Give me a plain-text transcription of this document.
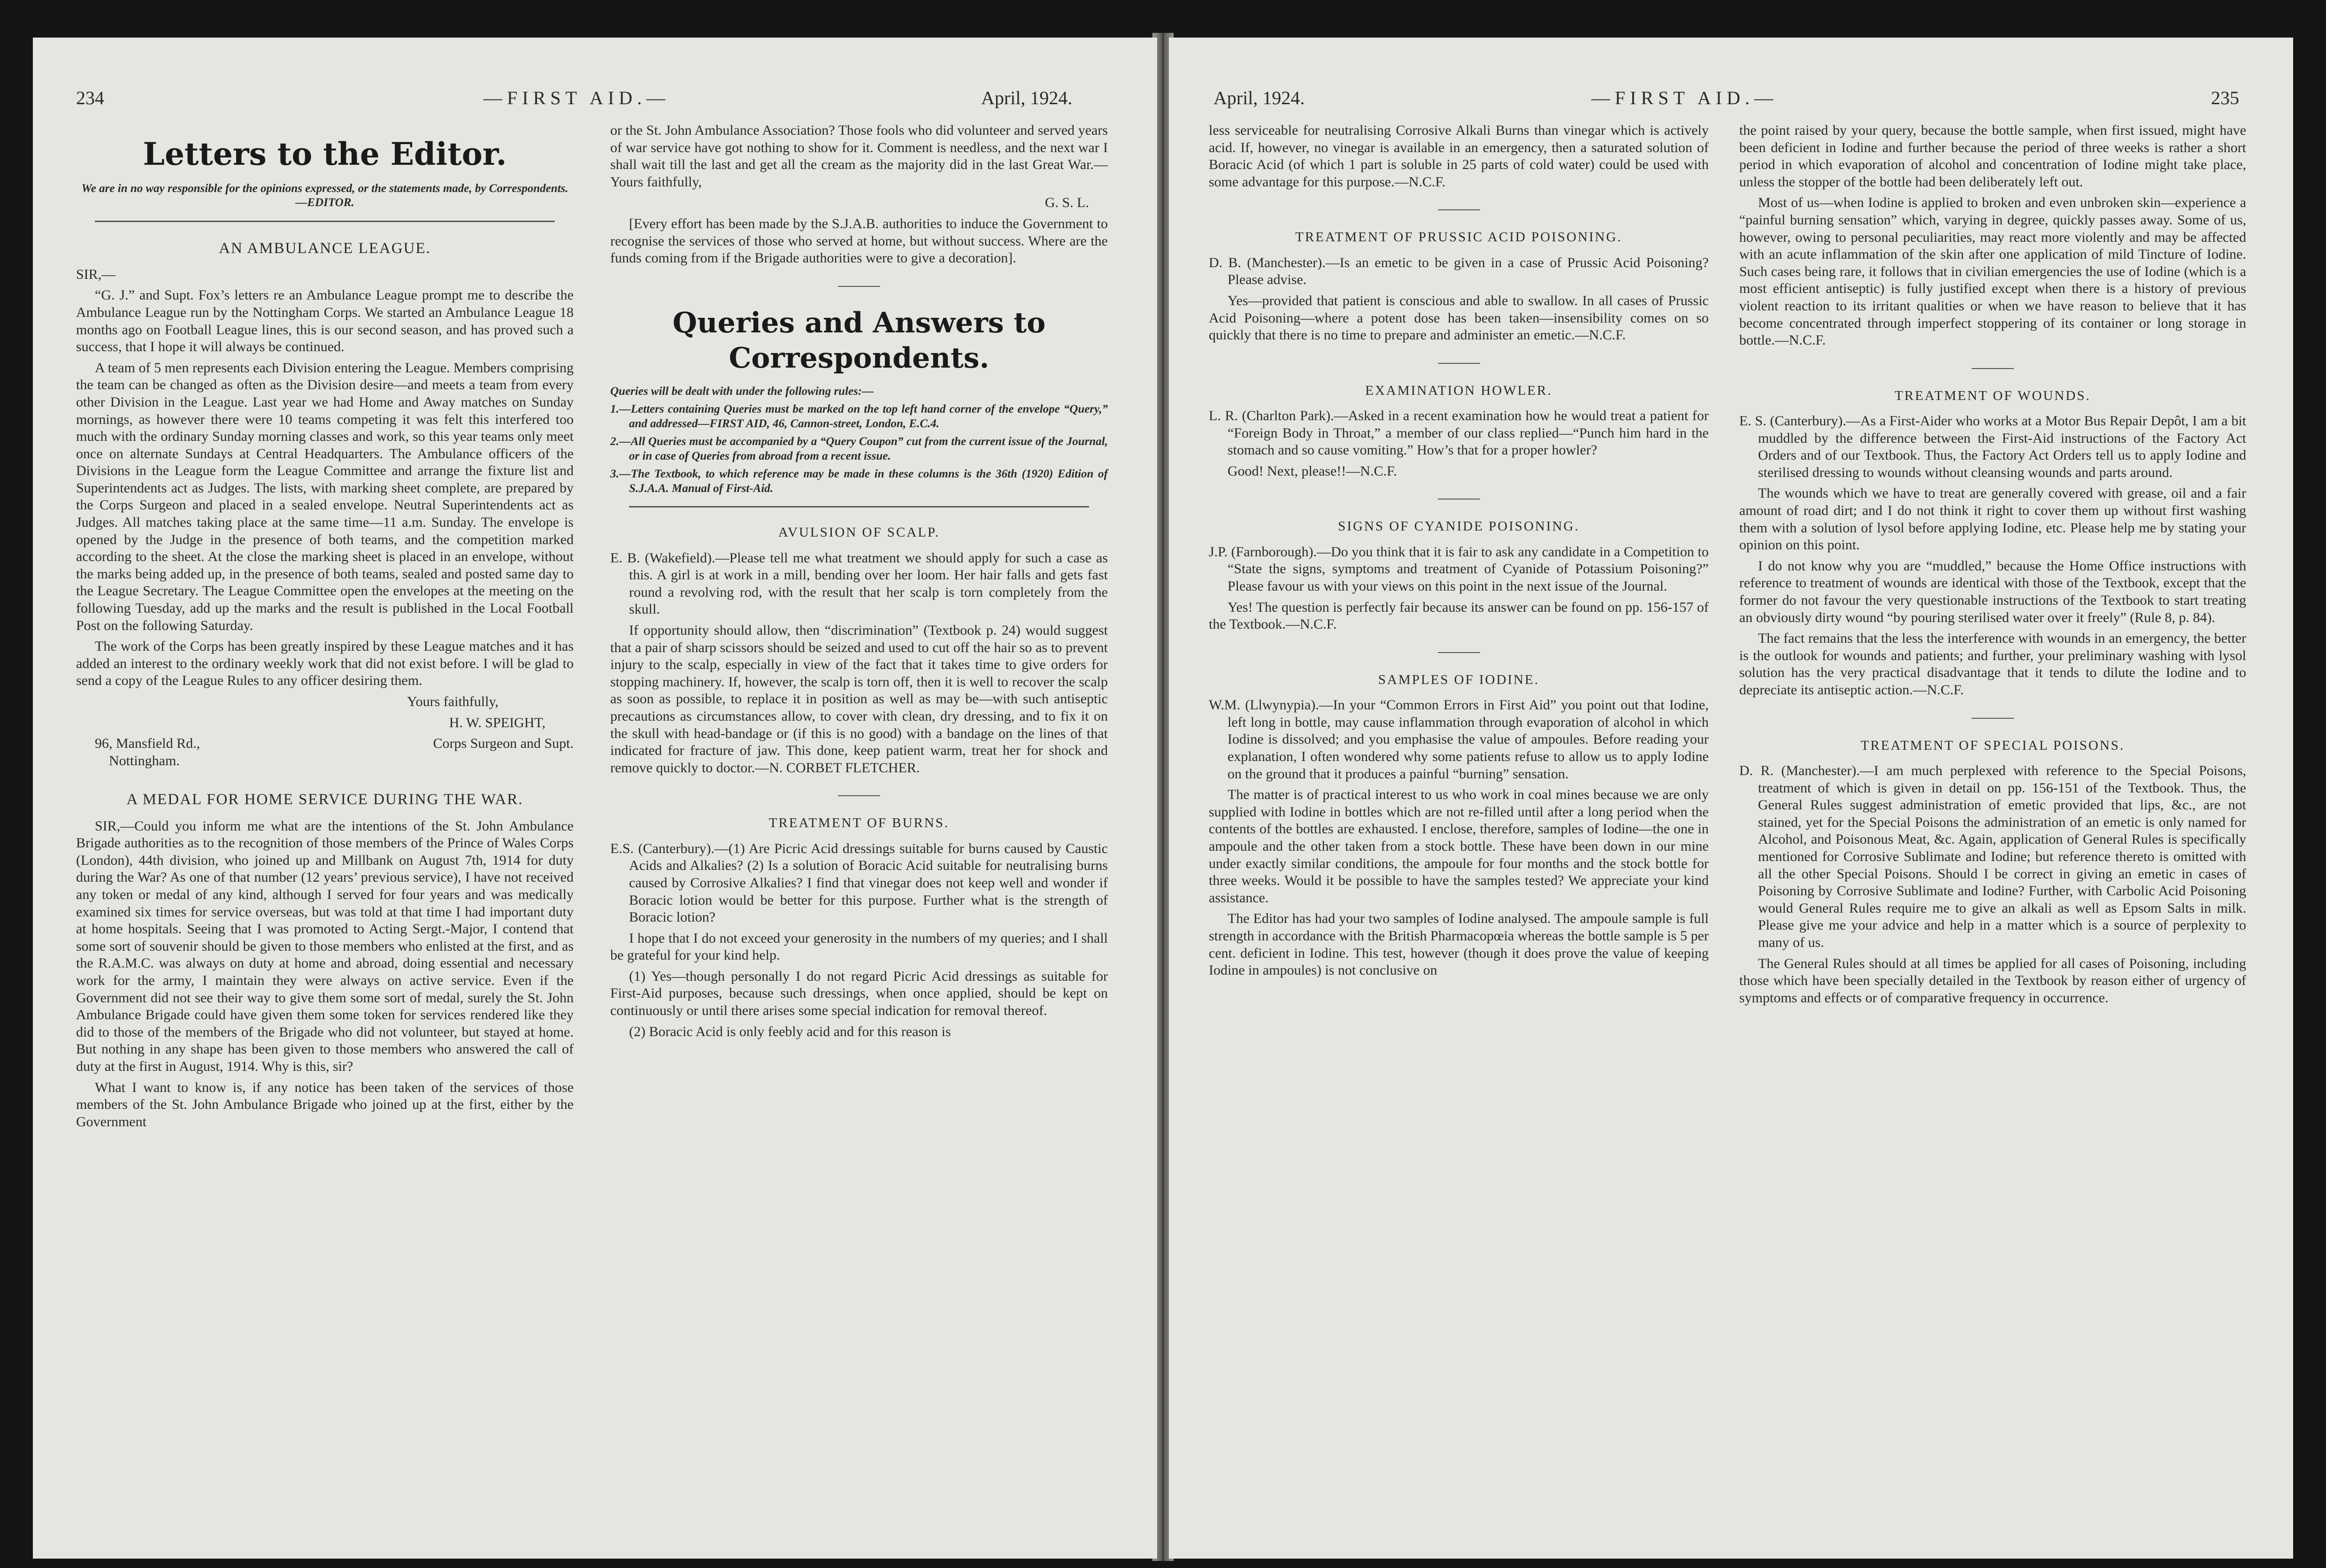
234	—FIRST AID.—	April, 1924.
Letters to the Editor.
We are in no way responsible for the opinions expressed, or the statements made, by Correspondents.—EDITOR.
AN AMBULANCE LEAGUE.

SIR,—

“G. J.” and Supt. Fox’s letters re an Ambulance League prompt me to describe the Ambulance League run by the Nottingham Corps. We started an Ambulance League 18 months ago on Football League lines, this is our second season, and has proved such a success, that I hope it will always be continued.

A team of 5 men represents each Division entering the League. Members comprising the team can be changed as often as the Division desire—and meets a team from every other Division in the League. Last year we had Home and Away matches on Sunday mornings, as however there were 10 teams competing it was felt this interfered too much with the ordinary Sunday morning classes and work, so this year teams only meet once on alternate Sundays at Central Headquarters. The Ambulance officers of the Divisions in the League form the League Committee and arrange the fixture list and Superintendents act as Judges. The lists, with marking sheet complete, are prepared by the Corps Surgeon and placed in a sealed envelope. Neutral Superintendents act as Judges. All matches taking place at the same time—11 a.m. Sunday. The envelope is opened by the Judge in the presence of both teams, and the competition marked according to the sheet. At the close the marking sheet is placed in an envelope, without the marks being added up, in the presence of both teams, sealed and posted same day to the League Secretary. The League Committee open the envelopes at the meeting on the following Tuesday, add up the marks and the result is published in the Local Football Post on the following Saturday.

The work of the Corps has been greatly inspired by these League matches and it has added an interest to the ordinary weekly work that did not exist before. I will be glad to send a copy of the League Rules to any officer desiring them.

Yours faithfully,

H. W. SPEIGHT,

96, Mansfield Rd.,	Corps Surgeon and Supt.

Nottingham.

A MEDAL FOR HOME SERVICE DURING THE WAR.

SIR,—Could you inform me what are the intentions of the St. John Ambulance Brigade authorities as to the recognition of those members of the Prince of Wales Corps (London), 44th division, who joined up and Millbank on August 7th, 1914 for duty during the War? As one of that number (12 years’ previous service), I have not received any token or medal of any kind, although I served for four years and was medically examined six times for service overseas, but was told at that time I had important duty at home hospitals. Seeing that I was promoted to Acting Sergt.-Major, I contend that some sort of souvenir should be given to those members who enlisted at the first, and as the R.A.M.C. was always on duty at home and abroad, doing essential and necessary work for the army, I maintain they were always on active service. Even if the Government did not see their way to give them some sort of medal, surely the St. John Ambulance Brigade could have given them some token for services rendered like they did to those of the members of the Brigade who did not volunteer, but stayed at home. But nothing in any shape has been given to those members who answered the call of duty at the first in August, 1914. Why is this, sir?

What I want to know is, if any notice has been taken of the services of those members of the St. John Ambulance Brigade who joined up at the first, either by the Government

or the St. John Ambulance Association? Those fools who did volunteer and served years of war service have got nothing to show for it. Comment is needless, and the next war I shall wait till the last and get all the cream as the majority did in the last Great War.—Yours faithfully,

G. S. L.

[Every effort has been made by the S.J.A.B. authorities to induce the Government to recognise the services of those who served at home, but without success. Where are the funds coming from if the Brigade authorities were to give a decoration].

Queries and Answers to Correspondents.

Queries will be dealt with under the following rules:—

1.—Letters containing Queries must be marked on the top left hand corner of the envelope “Query,” and addressed—FIRST AID, 46, Cannon-street, London, E.C.4.

2.—All Queries must be accompanied by a “Query Coupon” cut from the current issue of the Journal, or in case of Queries from abroad from a recent issue.

3.—The Textbook, to which reference may be made in these columns is the 36th (1920) Edition of S.J.A.A. Manual of First-Aid.

AVULSION OF SCALP.

E. B. (Wakefield).—Please tell me what treatment we should apply for such a case as this. A girl is at work in a mill, bending over her loom. Her hair falls and gets fast round a revolving rod, with the result that her scalp is torn completely from the skull.

If opportunity should allow, then “discrimination” (Textbook p. 24) would suggest that a pair of sharp scissors should be seized and used to cut off the hair so as to prevent injury to the scalp, especially in view of the fact that it takes time to give orders for stopping machinery. If, however, the scalp is torn off, then it is well to recover the scalp as soon as possible, to replace it in position as well as may be—with such antiseptic precautions as circumstances allow, to cover with clean, dry dressing, and to fix it on the skull with head-bandage or (if this is no good) with a bandage on the lines of that indicated for fracture of jaw. This done, keep patient warm, treat her for shock and remove quickly to doctor.—N. CORBET FLETCHER.

TREATMENT OF BURNS.

E.S. (Canterbury).—(1) Are Picric Acid dressings suitable for burns caused by Caustic Acids and Alkalies? (2) Is a solution of Boracic Acid suitable for neutralising burns caused by Corrosive Alkalies? I find that vinegar does not keep well and wonder if Boracic lotion would be better for this purpose. Further what is the strength of Boracic lotion?

I hope that I do not exceed your generosity in the numbers of my queries; and I shall be grateful for your kind help.

(1) Yes—though personally I do not regard Picric Acid dressings as suitable for First-Aid purposes, because such dressings, when once applied, should be kept on continuously or until there arises some special indication for removal thereof.

(2) Boracic Acid is only feebly acid and for this reason is

April, 1924.	—FIRST AID.—	235

less serviceable for neutralising Corrosive Alkali Burns than vinegar which is actively acid. If, however, no vinegar is available in an emergency, then a saturated solution of Boracic Acid (of which 1 part is soluble in 25 parts of cold water) could be used with some advantage for this purpose.—N.C.F.

TREATMENT OF PRUSSIC ACID POISONING.

D. B. (Manchester).—Is an emetic to be given in a case of Prussic Acid Poisoning? Please advise.

Yes—provided that patient is conscious and able to swallow. In all cases of Prussic Acid Poisoning—where a potent dose has been taken—insensibility comes on so quickly that there is no time to prepare and administer an emetic.—N.C.F.

EXAMINATION HOWLER.

L. R. (Charlton Park).—Asked in a recent examination how he would treat a patient for “Foreign Body in Throat,” a member of our class replied—“Punch him hard in the stomach and so cause vomiting.” How’s that for a proper howler?

Good! Next, please!!—N.C.F.

SIGNS OF CYANIDE POISONING.

J.P. (Farnborough).—Do you think that it is fair to ask any candidate in a Competition to “State the signs, symptoms and treatment of Cyanide of Potassium Poisoning?” Please favour us with your views on this point in the next issue of the Journal.

Yes! The question is perfectly fair because its answer can be found on pp. 156-157 of the Textbook.—N.C.F.

SAMPLES OF IODINE.

W.M. (Llwynypia).—In your “Common Errors in First Aid” you point out that Iodine, left long in bottle, may cause inflammation through evaporation of alcohol in which Iodine is dissolved; and you emphasise the value of ampoules. Before reading your explanation, I often wondered why some patients refuse to allow us to apply Iodine on the ground that it produces a painful “burning” sensation.

The matter is of practical interest to us who work in coal mines because we are only supplied with Iodine in bottles which are not re-filled until after a long period when the contents of the bottles are exhausted. I enclose, therefore, samples of Iodine—the one in ampoule and the other taken from a stock bottle. These have been down in our mine under exactly similar conditions, the ampoule for four months and the stock bottle for three weeks. Would it be possible to have the samples tested? We appreciate your kind assistance.

The Editor has had your two samples of Iodine analysed. The ampoule sample is full strength in accordance with the British Pharmacopœia whereas the bottle sample is 5 per cent. deficient in Iodine. This test, however (though it does prove the value of keeping Iodine in ampoules) is not conclusive on

the point raised by your query, because the bottle sample, when first issued, might have been deficient in Iodine and further because the period of three weeks is rather a short period in which evaporation of alcohol and concentration of Iodine might take place, unless the stopper of the bottle had been deliberately left out.

Most of us—when Iodine is applied to broken and even unbroken skin—experience a “painful burning sensation” which, varying in degree, quickly passes away. Some of us, however, owing to personal peculiarities, may react more violently and may be affected with an acute inflammation of the skin after one application of mild Tincture of Iodine. Such cases being rare, it follows that in civilian emergencies the use of Iodine (which is a most efficient antiseptic) is fully justified except when there is a history of previous violent reaction to its irritant qualities or when we have reason to believe that it has become concentrated through imperfect stoppering of its container or long storage in bottle.—N.C.F.

TREATMENT OF WOUNDS.

E. S. (Canterbury).—As a First-Aider who works at a Motor Bus Repair Depôt, I am a bit muddled by the difference between the First-Aid instructions of the Factory Act Orders and of our Textbook. Thus, the Factory Act Orders tell us to apply Iodine and sterilised dressing to wounds without cleansing wounds and parts around.

The wounds which we have to treat are generally covered with grease, oil and a fair amount of road dirt; and I do not think it right to cover them up without first washing them with a solution of lysol before applying Iodine, etc. Please help me by stating your opinion on this point.

I do not know why you are “muddled,” because the Home Office instructions with reference to treatment of wounds are identical with those of the Textbook, except that the former do not favour the very questionable instructions of the Textbook to start treating an obviously dirty wound “by pouring sterilised water over it freely” (Rule 8, p. 84).

The fact remains that the less the interference with wounds in an emergency, the better is the outlook for wounds and patients; and further, your preliminary washing with lysol solution has the very practical disadvantage that it tends to dilute the Iodine and to depreciate its antiseptic action.—N.C.F.

TREATMENT OF SPECIAL POISONS.

D. R. (Manchester).—I am much perplexed with reference to the Special Poisons, treatment of which is given in detail on pp. 156-151 of the Textbook. Thus, the General Rules suggest administration of emetic provided that lips, &c., are not stained, yet for the Special Poisons the administration of an emetic is only named for Alcohol, and Poisonous Meat, &c. Again, application of General Rules is specifically mentioned for Corrosive Sublimate and Iodine; but reference thereto is omitted with all the other Special Poisons. Should I be correct in giving an emetic in cases of Poisoning by Corrosive Sublimate and Iodine? Further, with Carbolic Acid Poisoning would General Rules require me to give an alkali as well as Epsom Salts in milk. Please give me your advice and help in a matter which is a source of perplexity to many of us.

The General Rules should at all times be applied for all cases of Poisoning, including those which have been specially detailed in the Textbook by reason either of urgency of symptoms and effects or of comparative frequency in occurrence.
